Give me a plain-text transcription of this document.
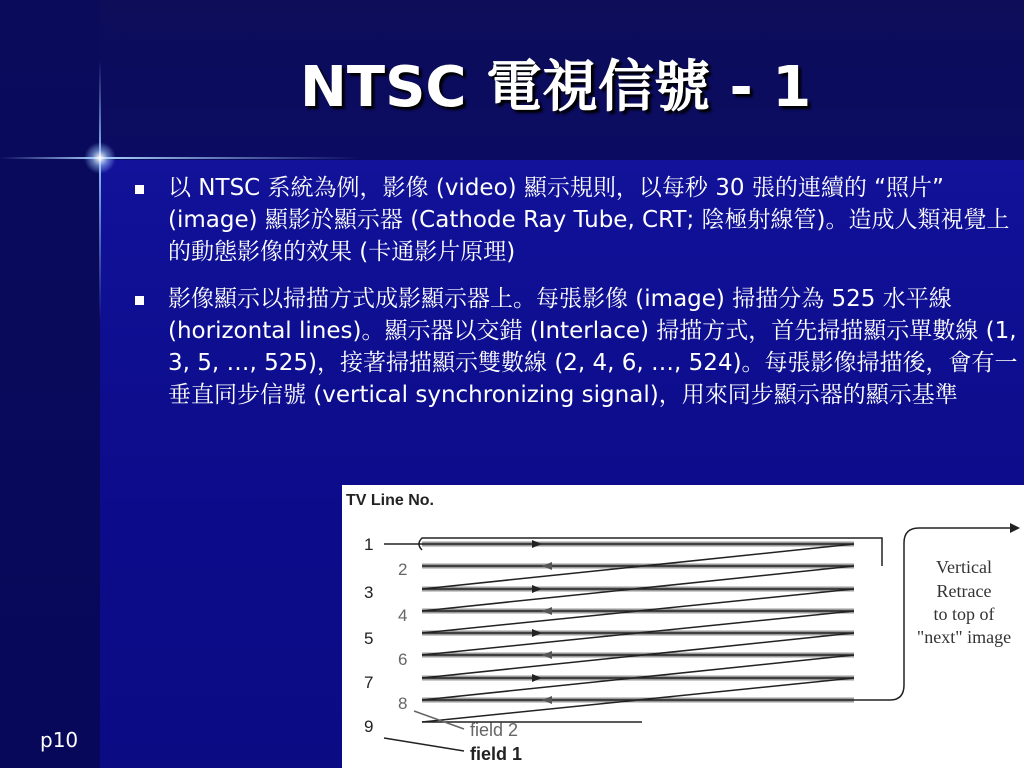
NTSC 電視信號 - 1
以 NTSC 系統為例，影像 (video) 顯示規則，以每秒 30 張的連續的 “照片” (image) 顯影於顯示器 (Cathode Ray Tube, CRT; 陰極射線管)。造成人類視覺上的動態影像的效果 (卡通影片原理)
影像顯示以掃描方式成影顯示器上。每張影像 (image) 掃描分為 525 水平線 (horizontal lines)。顯示器以交錯 (Interlace) 掃描方式，首先掃描顯示單數線 (1, 3, 5, …, 525)，接著掃描顯示雙數線 (2, 4, 6, …, 524)。每張影像掃描後，會有一垂直同步信號 (vertical synchronizing signal)，用來同步顯示器的顯示基準
p10
TV Line No.
1
2
3
4
5
6
7
8
9
Vertical
Retrace
to top of
"next" image
field 2
field 1
